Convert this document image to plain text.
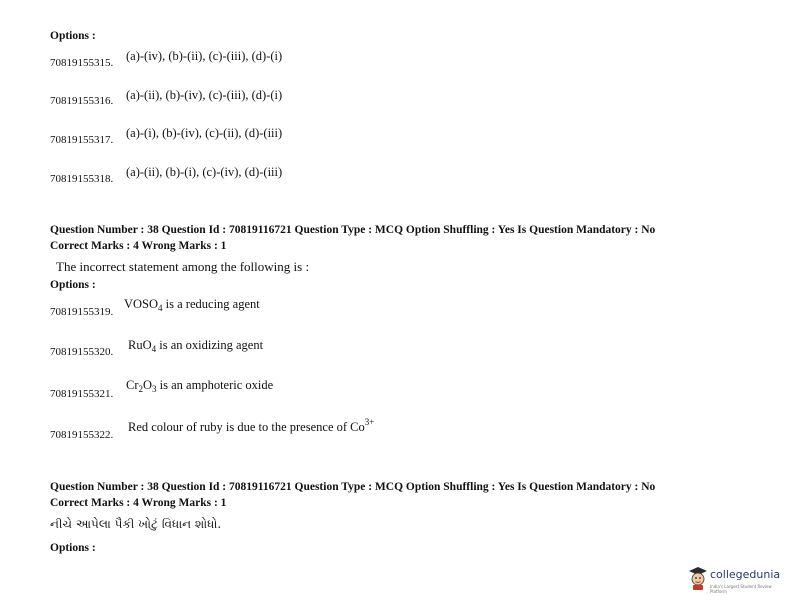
Options :
70819155315. (a)-(iv), (b)-(ii), (c)-(iii), (d)-(i)
70819155316. (a)-(ii), (b)-(iv), (c)-(iii), (d)-(i)
70819155317. (a)-(i), (b)-(iv), (c)-(ii), (d)-(iii)
70819155318. (a)-(ii), (b)-(i), (c)-(iv), (d)-(iii)
Question Number : 38 Question Id : 70819116721 Question Type : MCQ Option Shuffling : Yes Is Question Mandatory : No
Correct Marks : 4 Wrong Marks : 1
The incorrect statement among the following is :
Options :
70819155319.
$VOSO_4$ is a reducing agent
70819155320. RuO$_4$ is an oxidizing agent
70819155321.
$Cr_2O_3$ is an amphoteric oxide
70819155322.
Red colour of ruby is due to the presence of $Co^{3+}$
Question Number : 38 Question Id : 70819116721 Question Type : MCQ Option Shuffling : Yes Is Question Mandatory : No
Correct Marks : 4 Wrong Marks : 1
નીચે આપેલા પૈકી ખોટું વિધાન શોધો.
Options :
collegedunia
India's Largest Student Review Platform
